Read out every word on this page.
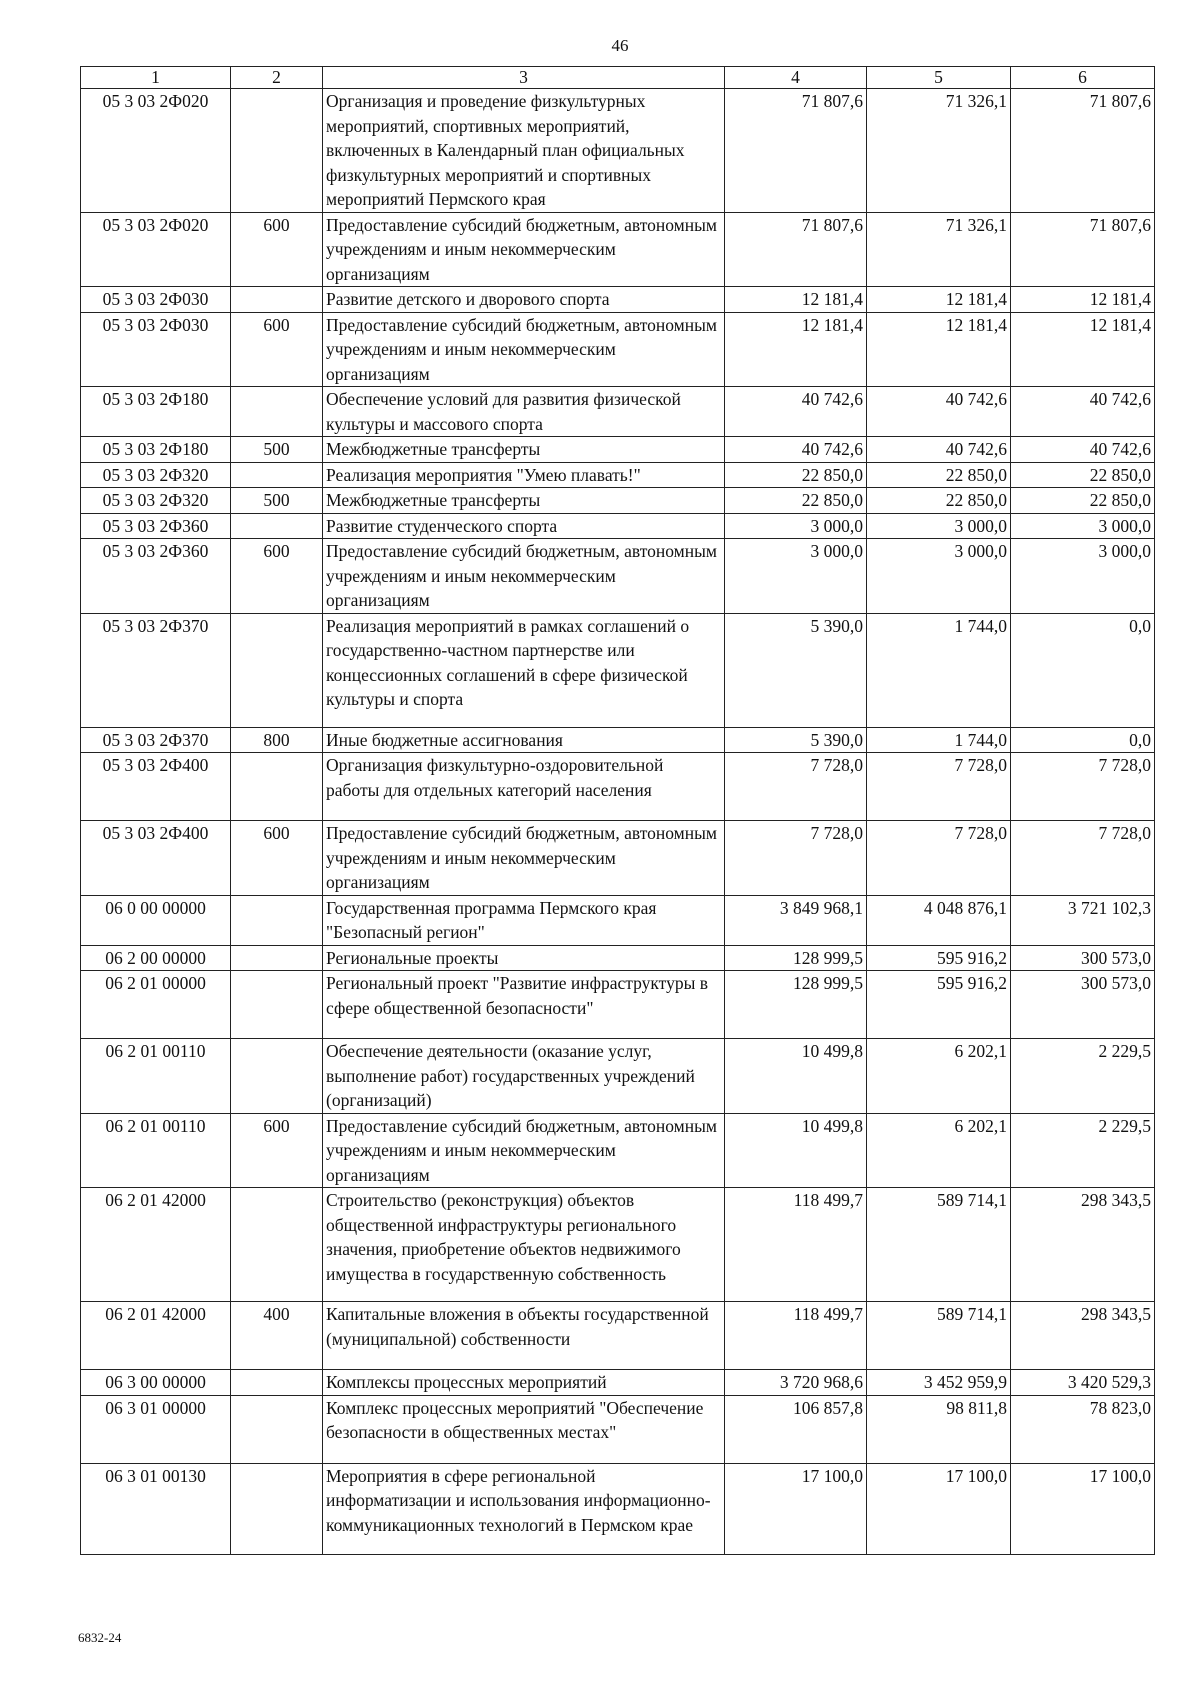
46
1	2	3	4	5	6
05 3 03 2Ф020		Организация и проведение физкультурных мероприятий, спортивных мероприятий, включенных в Календарный план официальных физкультурных мероприятий и спортивных мероприятий Пермского края	71 807,6	71 326,1	71 807,6
05 3 03 2Ф020	600	Предоставление субсидий бюджетным, автономным учреждениям и иным некоммерческим организациям	71 807,6	71 326,1	71 807,6
05 3 03 2Ф030		Развитие детского и дворового спорта	12 181,4	12 181,4	12 181,4
05 3 03 2Ф030	600	Предоставление субсидий бюджетным, автономным учреждениям и иным некоммерческим организациям	12 181,4	12 181,4	12 181,4
05 3 03 2Ф180		Обеспечение условий для развития физической культуры и массового спорта	40 742,6	40 742,6	40 742,6
05 3 03 2Ф180	500	Межбюджетные трансферты	40 742,6	40 742,6	40 742,6
05 3 03 2Ф320		Реализация мероприятия "Умею плавать!"	22 850,0	22 850,0	22 850,0
05 3 03 2Ф320	500	Межбюджетные трансферты	22 850,0	22 850,0	22 850,0
05 3 03 2Ф360		Развитие студенческого спорта	3 000,0	3 000,0	3 000,0
05 3 03 2Ф360	600	Предоставление субсидий бюджетным, автономным учреждениям и иным некоммерческим организациям	3 000,0	3 000,0	3 000,0
05 3 03 2Ф370		Реализация мероприятий в рамках соглашений о государственно-частном партнерстве или концессионных соглашений в сфере физической культуры и спорта	5 390,0	1 744,0	0,0
05 3 03 2Ф370	800	Иные бюджетные ассигнования	5 390,0	1 744,0	0,0
05 3 03 2Ф400		Организация физкультурно-оздоровительной работы для отдельных категорий населения	7 728,0	7 728,0	7 728,0
05 3 03 2Ф400	600	Предоставление субсидий бюджетным, автономным учреждениям и иным некоммерческим организациям	7 728,0	7 728,0	7 728,0
06 0 00 00000		Государственная программа Пермского края "Безопасный регион"	3 849 968,1	4 048 876,1	3 721 102,3
06 2 00 00000		Региональные проекты	128 999,5	595 916,2	300 573,0
06 2 01 00000		Региональный проект "Развитие инфраструктуры в сфере общественной безопасности"	128 999,5	595 916,2	300 573,0
06 2 01 00110		Обеспечение деятельности (оказание услуг, выполнение работ) государственных учреждений (организаций)	10 499,8	6 202,1	2 229,5
06 2 01 00110	600	Предоставление субсидий бюджетным, автономным учреждениям и иным некоммерческим организациям	10 499,8	6 202,1	2 229,5
06 2 01 42000		Строительство (реконструкция) объектов общественной инфраструктуры регионального значения, приобретение объектов недвижимого имущества в государственную собственность	118 499,7	589 714,1	298 343,5
06 2 01 42000	400	Капитальные вложения в объекты государственной (муниципальной) собственности	118 499,7	589 714,1	298 343,5
06 3 00 00000		Комплексы процессных мероприятий	3 720 968,6	3 452 959,9	3 420 529,3
06 3 01 00000		Комплекс процессных мероприятий "Обеспечение безопасности в общественных местах"	106 857,8	98 811,8	78 823,0
06 3 01 00130		Мероприятия в сфере региональной информатизации и использования информационно-коммуникационных технологий в Пермском крае	17 100,0	17 100,0	17 100,0
6832-24
